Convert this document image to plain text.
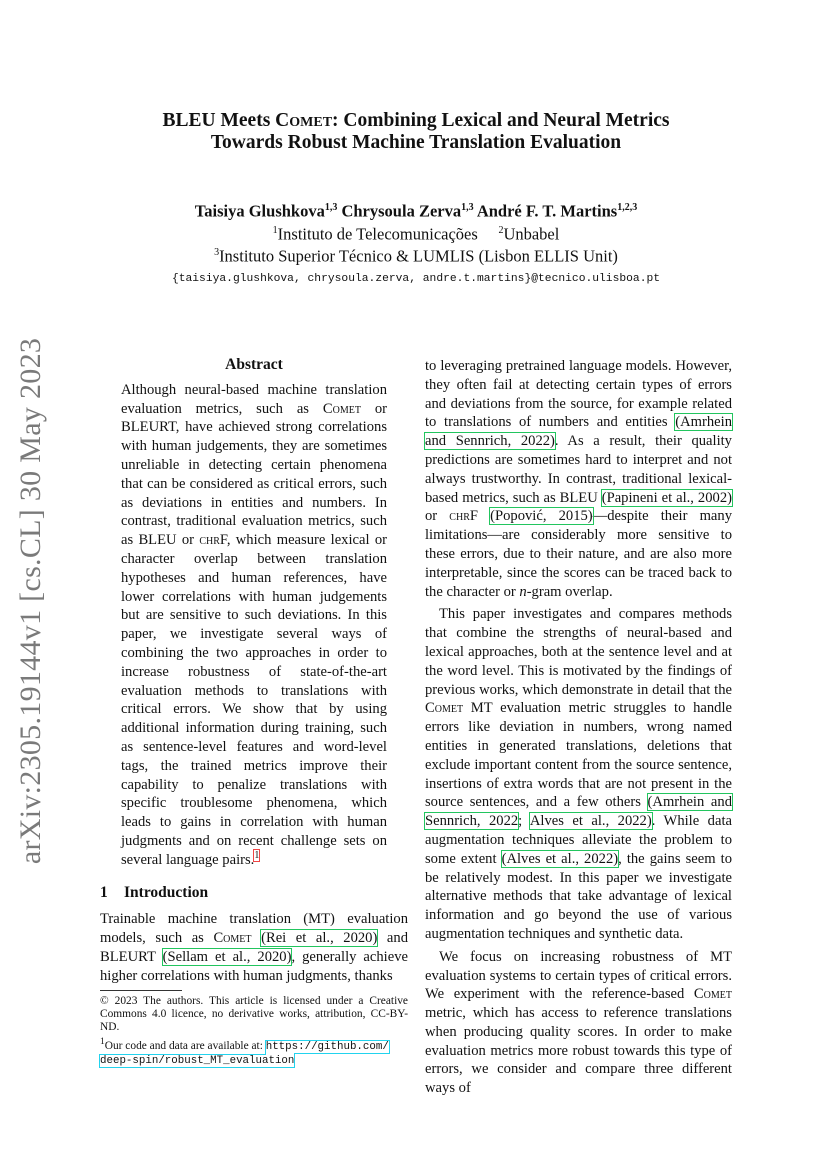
arXiv:2305.19144v1 [cs.CL] 30 May 2023
BLEU Meets Comet: Combining Lexical and Neural Metrics
Towards Robust Machine Translation Evaluation
Taisiya Glushkova$^{1,3}$ Chrysoula Zerva$^{1,3}$ André F. T. Martins$^{1,2,3}$
$^1$Instituto de Telecomunicações $^2$Unbabel
$^3$Instituto Superior Técnico & LUMLIS (Lisbon ELLIS Unit)
{taisiya.glushkova, chrysoula.zerva, andre.t.martins}@tecnico.ulisboa.pt
Abstract

Although neural-based machine translation evaluation metrics, such as Comet or BLEURT, have achieved strong correlations with human judgements, they are sometimes unreliable in detecting certain phenomena that can be considered as critical errors, such as deviations in entities and numbers. In contrast, traditional evaluation metrics, such as BLEU or chrF, which measure lexical or character overlap between translation hypotheses and human references, have lower correlations with human judgements but are sensitive to such deviations. In this paper, we investigate several ways of combining the two approaches in order to increase robustness of state-of-the-art evaluation methods to translations with critical errors. We show that by using additional information during training, such as sentence-level features and word-level tags, the trained metrics improve their capability to penalize translations with specific troublesome phenomena, which leads to gains in correlation with human judgments and on recent challenge sets on several language pairs.$^1$

1 Introduction

Trainable machine translation (MT) evaluation models, such as Comet (Rei et al., 2020) and BLEURT (Sellam et al., 2020), generally achieve higher correlations with human judgments, thanks

© 2023 The authors. This article is licensed under a Creative Commons 4.0 licence, no derivative works, attribution, CC-BY-ND.

$^1$Our code and data are available at: https://github.com/
deep-spin/robust_MT_evaluation

to leveraging pretrained language models. However, they often fail at detecting certain types of errors and deviations from the source, for example related to translations of numbers and entities (Amrhein and Sennrich, 2022). As a result, their quality predictions are sometimes hard to interpret and not always trustworthy. In contrast, traditional lexical-based metrics, such as BLEU (Papineni et al., 2002) or chrF (Popović, 2015)—despite their many limitations—are considerably more sensitive to these errors, due to their nature, and are also more interpretable, since the scores can be traced back to the character or n-gram overlap.

This paper investigates and compares methods that combine the strengths of neural-based and lexical approaches, both at the sentence level and at the word level. This is motivated by the findings of previous works, which demonstrate in detail that the Comet MT evaluation metric struggles to handle errors like deviation in numbers, wrong named entities in generated translations, deletions that exclude important content from the source sentence, insertions of extra words that are not present in the source sentences, and a few others (Amrhein and Sennrich, 2022; Alves et al., 2022). While data augmentation techniques alleviate the problem to some extent (Alves et al., 2022), the gains seem to be relatively modest. In this paper we investigate alternative methods that take advantage of lexical information and go beyond the use of various augmentation techniques and synthetic data.

We focus on increasing robustness of MT evaluation systems to certain types of critical errors. We experiment with the reference-based Comet metric, which has access to reference translations when producing quality scores. In order to make evaluation metrics more robust towards this type of errors, we consider and compare three different ways of
